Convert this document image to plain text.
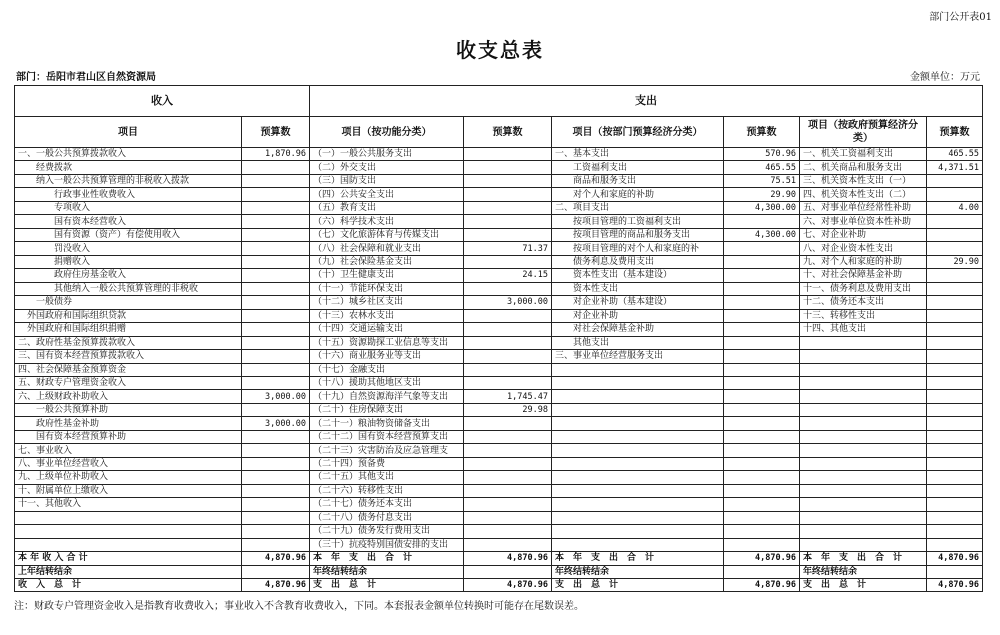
部门公开表01
收支总表
部门：岳阳市君山区自然资源局	金额单位：万元
收入		支出					
项目	预算数	项目（按功能分类）	预算数	项目（按部门预算经济分类）	预算数	项目（按政府预算经济分类）	预算数
一、一般公共预算拨款收入	1,870.96	（一）一般公共服务支出		一、基本支出	570.96	一、机关工资福利支出	465.55
　　经费拨款		（二）外交支出		　　工资福利支出	465.55	二、机关商品和服务支出	4,371.51
　　纳入一般公共预算管理的非税收入拨款		（三）国防支出		　　商品和服务支出	75.51	三、机关资本性支出（一）	
　　　　行政事业性收费收入		（四）公共安全支出		　　对个人和家庭的补助	29.90	四、机关资本性支出（二）	
　　　　专项收入		（五）教育支出		二、项目支出	4,300.00	五、对事业单位经常性补助	4.00
　　　　国有资本经营收入		（六）科学技术支出		　　按项目管理的工资福利支出		六、对事业单位资本性补助	
　　　　国有资源（资产）有偿使用收入		（七）文化旅游体育与传媒支出		　　按项目管理的商品和服务支出	4,300.00	七、对企业补助	
　　　　罚没收入		（八）社会保障和就业支出	71.37	　　按项目管理的对个人和家庭的补		八、对企业资本性支出	
　　　　捐赠收入		（九）社会保险基金支出		　　债务利息及费用支出		九、对个人和家庭的补助	29.90
　　　　政府住房基金收入		（十）卫生健康支出	24.15	　　资本性支出（基本建设）		十、对社会保障基金补助	
　　　　其他纳入一般公共预算管理的非税收		（十一）节能环保支出		　　资本性支出		十一、债务利息及费用支出	
　　一般债券		（十二）城乡社区支出	3,000.00	　　对企业补助（基本建设）		十二、债务还本支出	
　外国政府和国际组织贷款		（十三）农林水支出		　　对企业补助		十三、转移性支出	
　外国政府和国际组织捐赠		（十四）交通运输支出		　　对社会保障基金补助		十四、其他支出	
二、政府性基金预算拨款收入		（十五）资源勘探工业信息等支出		　　其他支出			
三、国有资本经营预算拨款收入		（十六）商业服务业等支出		三、事业单位经营服务支出			
四、社会保障基金预算资金		（十七）金融支出					
五、财政专户管理资金收入		（十八）援助其他地区支出					
六、上级财政补助收入	3,000.00	（十九）自然资源海洋气象等支出	1,745.47				
　　一般公共预算补助		（二十）住房保障支出	29.98				
　　政府性基金补助	3,000.00	（二十一）粮油物资储备支出					
　　国有资本经营预算补助		（二十二）国有资本经营预算支出					
七、事业收入		（二十三）灾害防治及应急管理支					
八、事业单位经营收入		（二十四）预备费					
九、上级单位补助收入		（二十五）其他支出					
十、附属单位上缴收入		（二十六）转移性支出					
十一、其他收入		（二十七）债务还本支出					
		（二十八）债务付息支出					
		（二十九）债务发行费用支出					
		（三十）抗疫特别国债安排的支出					
本 年 收 入 合 计	4,870.96	本　年　支　出　合　计	4,870.96	本　年　支　出　合　计	4,870.96	本　年　支　出　合　计	4,870.96
上年结转结余		年终结转结余		年终结转结余		年终结转结余	
收　入　总　计	4,870.96	支　出　总　计	4,870.96	支　出　总　计	4,870.96	支　出　总　计	4,870.96
注：财政专户管理资金收入是指教育收费收入；事业收入不含教育收费收入，下同。本套报表金额单位转换时可能存在尾数误差。
